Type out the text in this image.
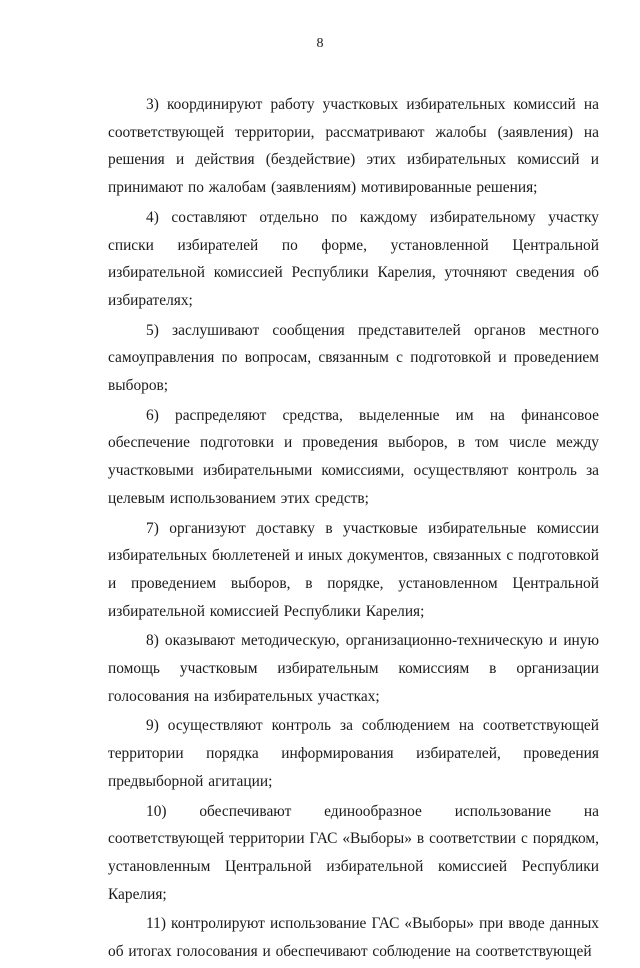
8

3) координируют работу участковых избирательных комиссий на соответствующей территории, рассматривают жалобы (заявления) на решения и действия (бездействие) этих избирательных комиссий и принимают по жалобам (заявлениям) мотивированные решения;

4) составляют отдельно по каждому избирательному участку списки избирателей по форме, установленной Центральной избирательной комиссией Республики Карелия, уточняют сведения об избирателях;

5) заслушивают сообщения представителей органов местного самоуправления по вопросам, связанным с подготовкой и проведением выборов;

6) распределяют средства, выделенные им на финансовое обеспечение подготовки и проведения выборов, в том числе между участковыми избирательными комиссиями, осуществляют контроль за целевым использованием этих средств;

7) организуют доставку в участковые избирательные комиссии избирательных бюллетеней и иных документов, связанных с подготовкой и проведением выборов, в порядке, установленном Центральной избирательной комиссией Республики Карелия;

8) оказывают методическую, организационно-техническую и иную помощь участковым избирательным комиссиям в организации голосования на избирательных участках;

9) осуществляют контроль за соблюдением на соответствующей территории порядка информирования избирателей, проведения предвыборной агитации;

10) обеспечивают единообразное использование на соответствующей территории ГАС «Выборы» в соответствии с порядком, установленным Центральной избирательной комиссией Республики Карелия;

11) контролируют использование ГАС «Выборы» при вводе данных об итогах голосования и обеспечивают соблюдение на соответствующей
